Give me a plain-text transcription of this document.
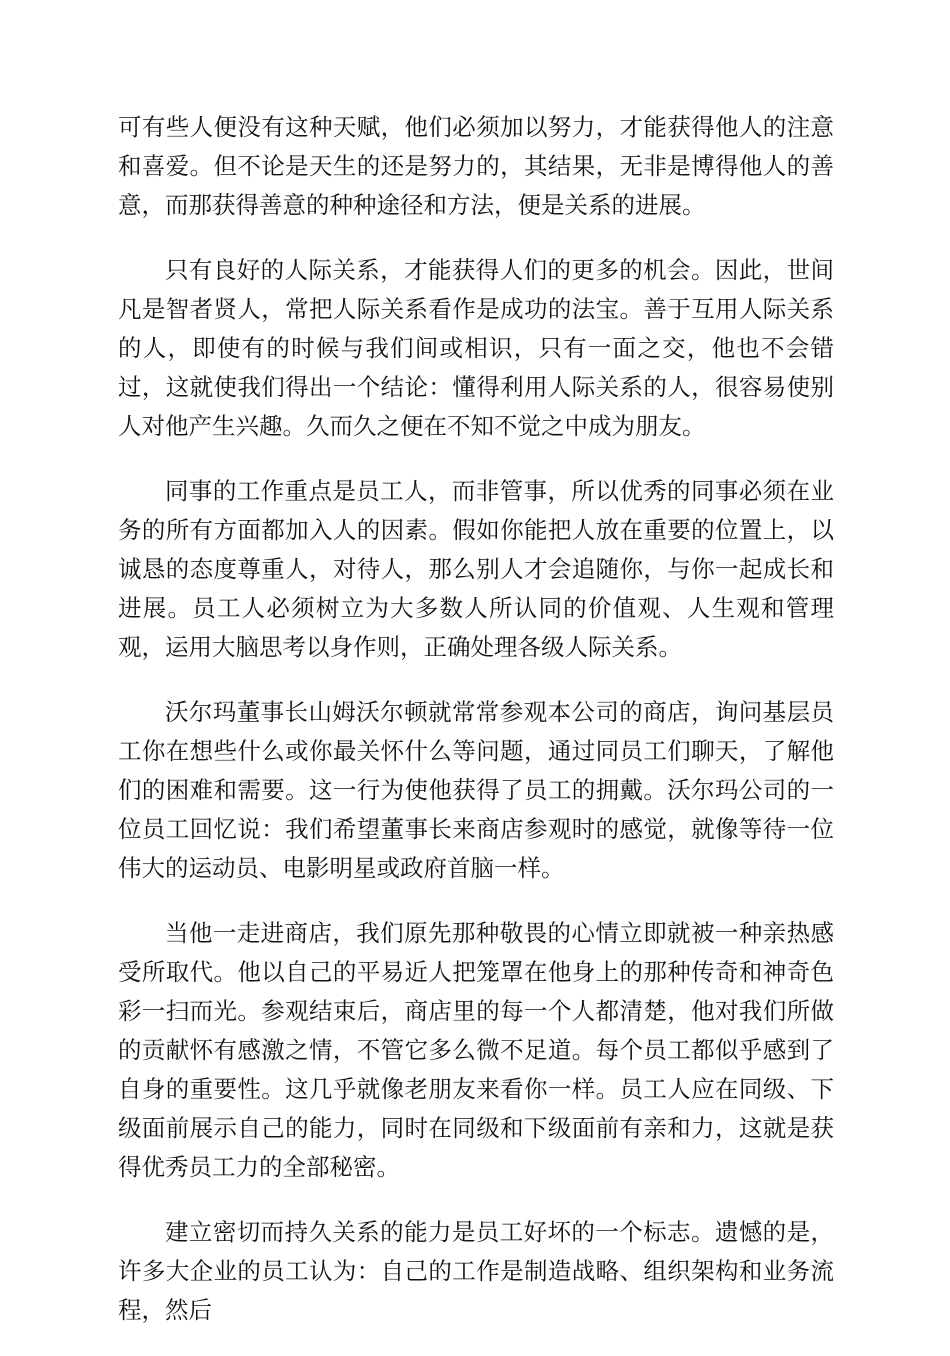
可有些人便没有这种天赋，他们必须加以努力，才能获得他人的注意和喜爱。但不论是天生的还是努力的，其结果，无非是博得他人的善意，而那获得善意的种种途径和方法，便是关系的进展。

只有良好的人际关系，才能获得人们的更多的机会。因此，世间凡是智者贤人，常把人际关系看作是成功的法宝。善于互用人际关系的人，即使有的时候与我们间或相识，只有一面之交，他也不会错过，这就使我们得出一个结论：懂得利用人际关系的人，很容易使别人对他产生兴趣。久而久之便在不知不觉之中成为朋友。

同事的工作重点是员工人，而非管事，所以优秀的同事必须在业务的所有方面都加入人的因素。假如你能把人放在重要的位置上，以诚恳的态度尊重人，对待人，那么别人才会追随你，与你一起成长和进展。员工人必须树立为大多数人所认同的价值观、人生观和管理观，运用大脑思考以身作则，正确处理各级人际关系。

沃尔玛董事长山姆沃尔顿就常常参观本公司的商店，询问基层员工你在想些什么或你最关怀什么等问题，通过同员工们聊天，了解他们的困难和需要。这一行为使他获得了员工的拥戴。沃尔玛公司的一位员工回忆说：我们希望董事长来商店参观时的感觉，就像等待一位伟大的运动员、电影明星或政府首脑一样。

当他一走进商店，我们原先那种敬畏的心情立即就被一种亲热感受所取代。他以自己的平易近人把笼罩在他身上的那种传奇和神奇色彩一扫而光。参观结束后，商店里的每一个人都清楚，他对我们所做的贡献怀有感激之情，不管它多么微不足道。每个员工都似乎感到了自身的重要性。这几乎就像老朋友来看你一样。员工人应在同级、下级面前展示自己的能力，同时在同级和下级面前有亲和力，这就是获得优秀员工力的全部秘密。

建立密切而持久关系的能力是员工好坏的一个标志。遗憾的是，许多大企业的员工认为：自己的工作是制造战略、组织架构和业务流程，然后
